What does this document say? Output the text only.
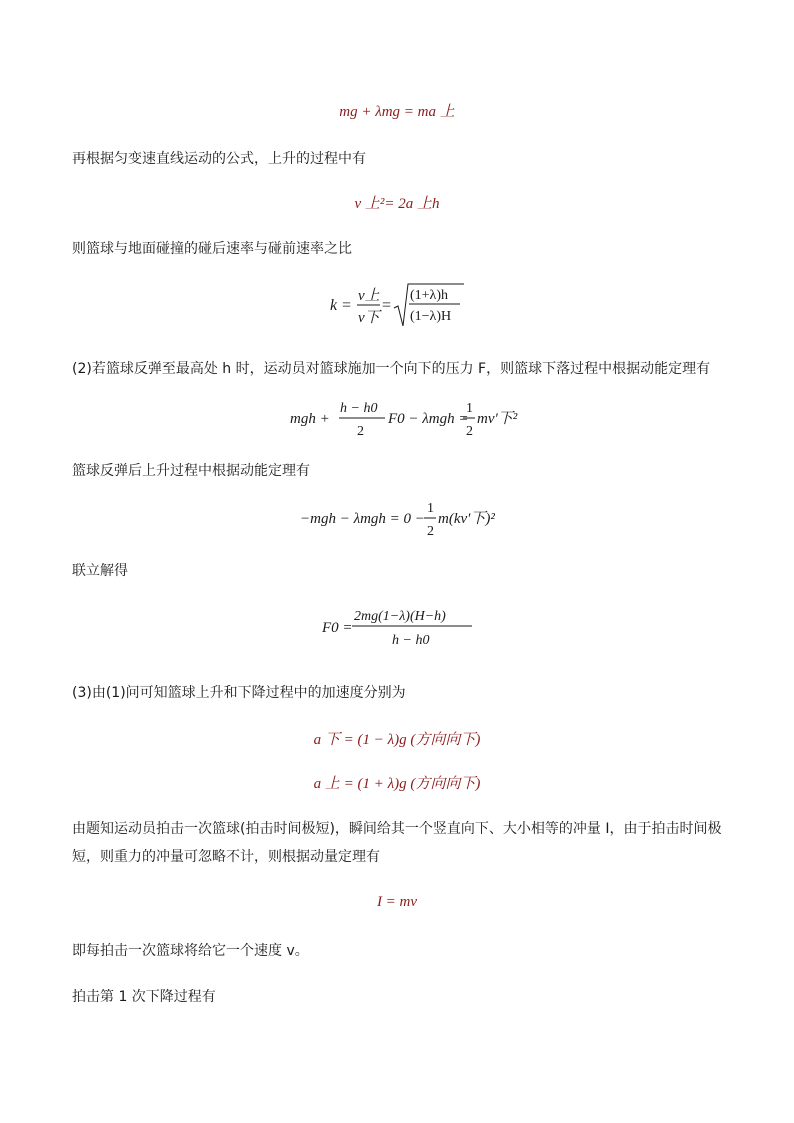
mg + λmg = ma 上
再根据匀变速直线运动的公式，上升的过程中有
v 上²= 2a 上h
则篮球与地面碰撞的碰后速率与碰前速率之比
k =
v上
v下
=
(1+λ)h
(1−λ)H
(2)若篮球反弹至最高处 h 时，运动员对篮球施加一个向下的压力 F，则篮球下落过程中根据动能定理有
mgh +
h − h0
2
F0 − λmgh =
1
2
mv′下²
篮球反弹后上升过程中根据动能定理有
−mgh − λmgh = 0 −
1
2
m(kv′下)²
联立解得
F0 =
2mg(1−λ)(H−h)
h − h0
(3)由(1)问可知篮球上升和下降过程中的加速度分别为
a 下 = (1 − λ)g (方向向下)
a 上 = (1 + λ)g (方向向下)
由题知运动员拍击一次篮球(拍击时间极短)，瞬间给其一个竖直向下、大小相等的冲量 I，由于拍击时间极
短，则重力的冲量可忽略不计，则根据动量定理有
I = mv
即每拍击一次篮球将给它一个速度 v。
拍击第 1 次下降过程有
